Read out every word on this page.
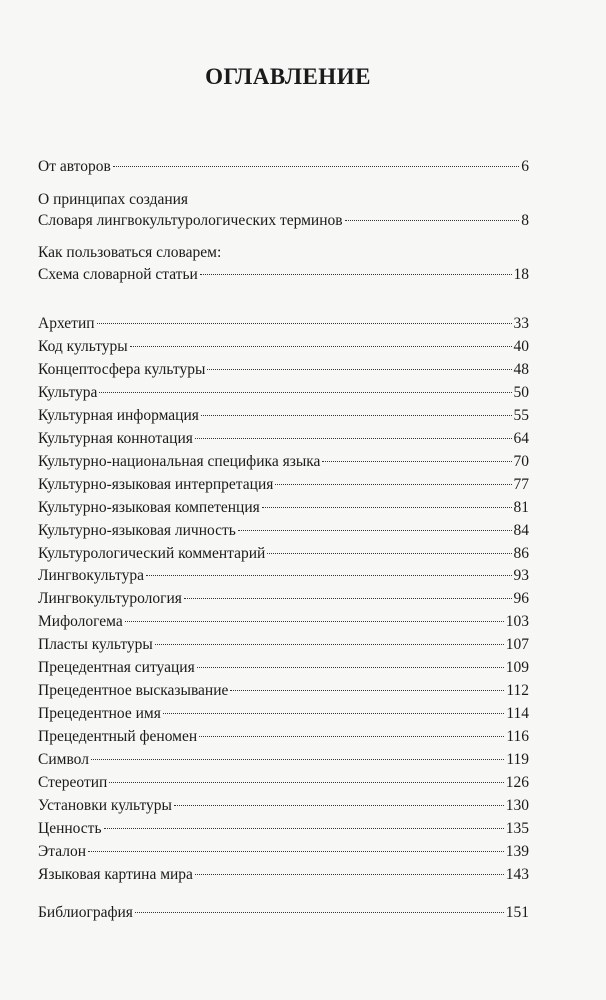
ОГЛАВЛЕНИЕ
От авторов	6
О принципах создания
Словаря лингвокультурологических терминов	8
Как пользоваться словарем:
Схема словарной статьи	18
Архетип	33
Код культуры	40
Концептосфера культуры	48
Культура	50
Культурная информация	55
Культурная коннотация	64
Культурно-национальная специфика языка	70
Культурно-языковая интерпретация	77
Культурно-языковая компетенция	81
Культурно-языковая личность	84
Культурологический комментарий	86
Лингвокультура	93
Лингвокультурология	96
Мифологема	103
Пласты культуры	107
Прецедентная ситуация	109
Прецедентное высказывание	112
Прецедентное имя	114
Прецедентный феномен	116
Символ	119
Стереотип	126
Установки культуры	130
Ценность	135
Эталон	139
Языковая картина мира	143
Библиография	151
